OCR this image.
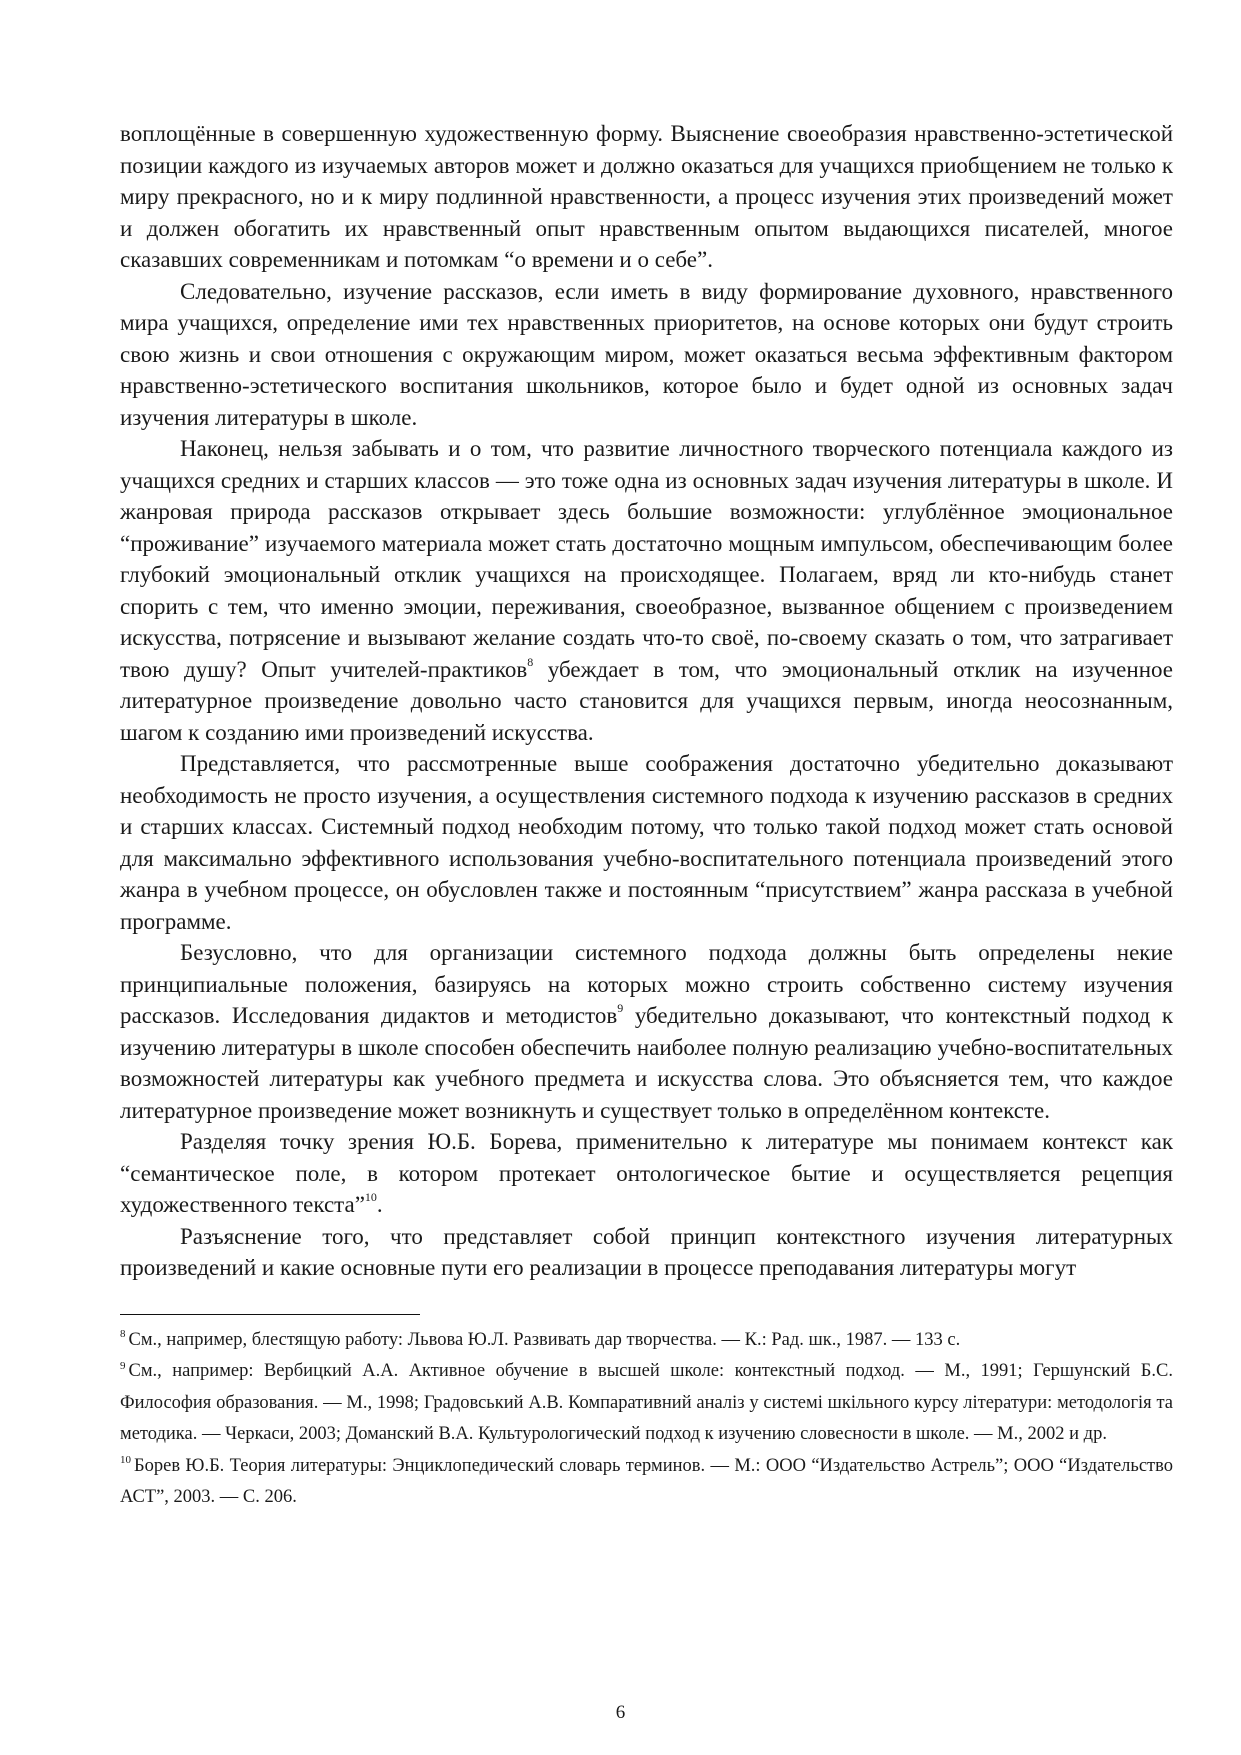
воплощённые в совершенную художественную форму. Выяснение своеобразия нравственно-эстетической позиции каждого из изучаемых авторов может и должно оказаться для учащихся приобщением не только к миру прекрасного, но и к миру подлинной нравственности, а процесс изучения этих произведений может и должен обогатить их нравственный опыт нравственным опытом выдающихся писателей, многое сказавших современникам и потомкам “о времени и о себе”.

Следовательно, изучение рассказов, если иметь в виду формирование духовного, нравственного мира учащихся, определение ими тех нравственных приоритетов, на основе которых они будут строить свою жизнь и свои отношения с окружающим миром, может оказаться весьма эффективным фактором нравственно-эстетического воспитания школьников, которое было и будет одной из основных задач изучения литературы в школе.

Наконец, нельзя забывать и о том, что развитие личностного творческого потенциала каждого из учащихся средних и старших классов — это тоже одна из основных задач изучения литературы в школе. И жанровая природа рассказов открывает здесь большие возможности: углублённое эмоциональное “проживание” изучаемого материала может стать достаточно мощным импульсом, обеспечивающим более глубокий эмоциональный отклик учащихся на происходящее. Полагаем, вряд ли кто-нибудь станет спорить с тем, что именно эмоции, переживания, своеобразное, вызванное общением с произведением искусства, потрясение и вызывают желание создать что-то своё, по-своему сказать о том, что затрагивает твою душу? Опыт учителей-практиков$^8$ убеждает в том, что эмоциональный отклик на изученное литературное произведение довольно часто становится для учащихся первым, иногда неосознанным, шагом к созданию ими произведений искусства.

Представляется, что рассмотренные выше соображения достаточно убедительно доказывают необходимость не просто изучения, а осуществления системного подхода к изучению рассказов в средних и старших классах. Системный подход необходим потому, что только такой подход может стать основой для максимально эффективного использования учебно-воспитательного потенциала произведений этого жанра в учебном процессе, он обусловлен также и постоянным “присутствием” жанра рассказа в учебной программе.

Безусловно, что для организации системного подхода должны быть определены некие принципиальные положения, базируясь на которых можно строить собственно систему изучения рассказов. Исследования дидактов и методистов$^9$ убедительно доказывают, что контекстный подход к изучению литературы в школе способен обеспечить наиболее полную реализацию учебно-воспитательных возможностей литературы как учебного предмета и искусства слова. Это объясняется тем, что каждое литературное произведение может возникнуть и существует только в определённом контексте.

Разделяя точку зрения Ю.Б. Борева, применительно к литературе мы понимаем контекст как “семантическое поле, в котором протекает онтологическое бытие и осуществляется рецепция художественного текста”$^{10}$.

Разъяснение того, что представляет собой принцип контекстного изучения литературных произведений и какие основные пути его реализации в процессе преподавания литературы могут

$^8$ См., например, блестящую работу: Львова Ю.Л. Развивать дар творчества. — К.: Рад. шк., 1987. — 133 с.

$^9$ См., например: Вербицкий А.А. Активное обучение в высшей школе: контекстный подход. — М., 1991; Гершунский Б.С. Философия образования. — М., 1998; Градовський А.В. Компаративний аналіз у системі шкільного курсу літератури: методологія та методика. — Черкаси, 2003; Доманский В.А. Культурологический подход к изучению словесности в школе. — М., 2002 и др.

$^{10}$ Борев Ю.Б. Теория литературы: Энциклопедический словарь терминов. — М.: ООО “Издательство Астрель”; ООО “Издательство АСТ”, 2003. — С. 206.

6
